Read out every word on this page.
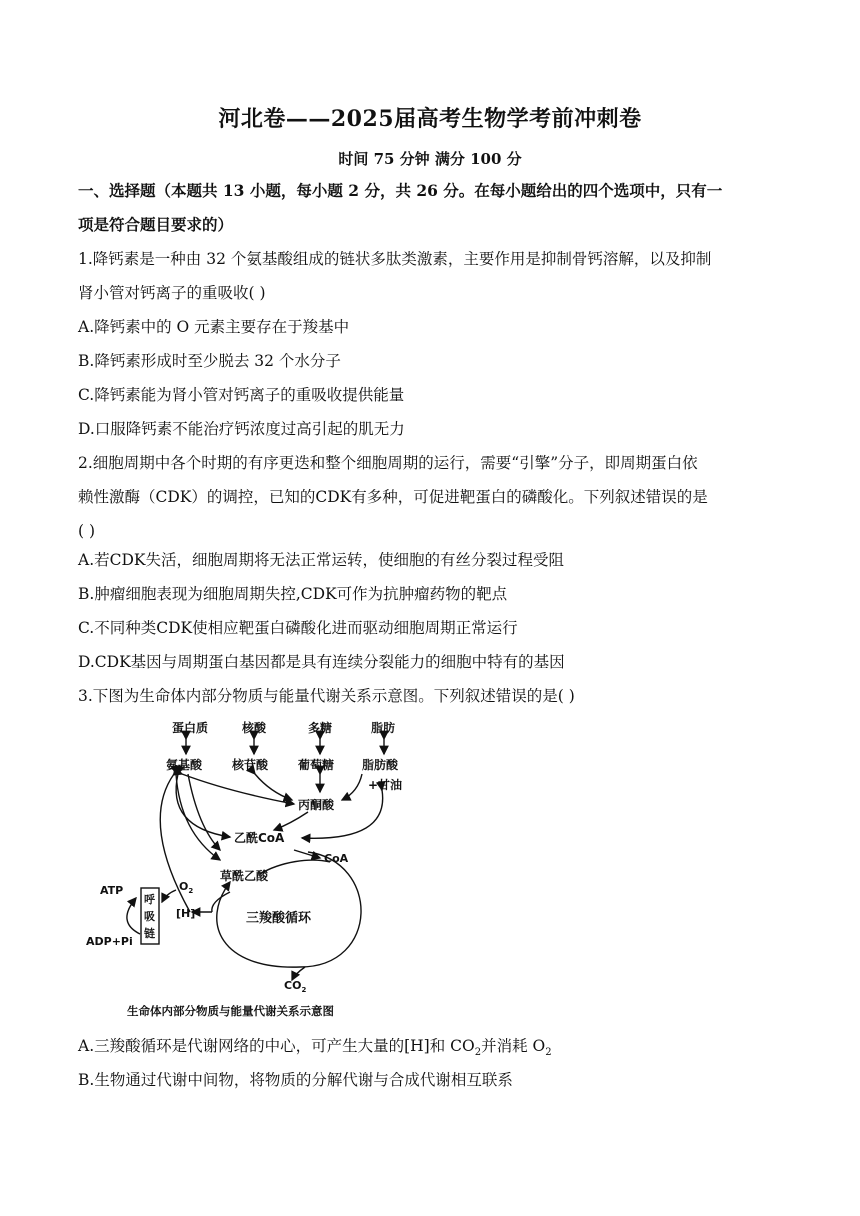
河北卷——2025届高考生物学考前冲刺卷
时间 75 分钟 满分 100 分
一、选择题（本题共 13 小题，每小题 2 分，共 26 分。在每小题给出的四个选项中，只有一
项是符合题目要求的）
1.降钙素是一种由 32 个氨基酸组成的链状多肽类激素，主要作用是抑制骨钙溶解，以及抑制
肾小管对钙离子的重吸收( )
A.降钙素中的 O 元素主要存在于羧基中
B.降钙素形成时至少脱去 32 个水分子
C.降钙素能为肾小管对钙离子的重吸收提供能量
D.口服降钙素不能治疗钙浓度过高引起的肌无力
2.细胞周期中各个时期的有序更迭和整个细胞周期的运行，需要“引擎”分子，即周期蛋白依
赖性激酶（CDK）的调控，已知的CDK有多种，可促进靶蛋白的磷酸化。下列叙述错误的是
( )
A.若CDK失活，细胞周期将无法正常运转，使细胞的有丝分裂过程受阻
B.肿瘤细胞表现为细胞周期失控,CDK可作为抗肿瘤药物的靶点
C.不同种类CDK使相应靶蛋白磷酸化进而驱动细胞周期正常运行
D.CDK基因与周期蛋白基因都是具有连续分裂能力的细胞中特有的基因
3.下图为生命体内部分物质与能量代谢关系示意图。下列叙述错误的是( )
蛋白质	核酸	多糖	脂肪
氨基酸 核苷酸 葡萄糖 脂肪酸
+甘油
丙酮酸
乙酰CoA
CoA
草酰乙酸
三羧酸循环
[H]
呼
吸
链
ATP
ADP+Pi
$O_2$
$CO_2$
生命体内部分物质与能量代谢关系示意图
A.三羧酸循环是代谢网络的中心，可产生大量的[H]和 $CO_2$并消耗 $O_2$
B.生物通过代谢中间物，将物质的分解代谢与合成代谢相互联系
